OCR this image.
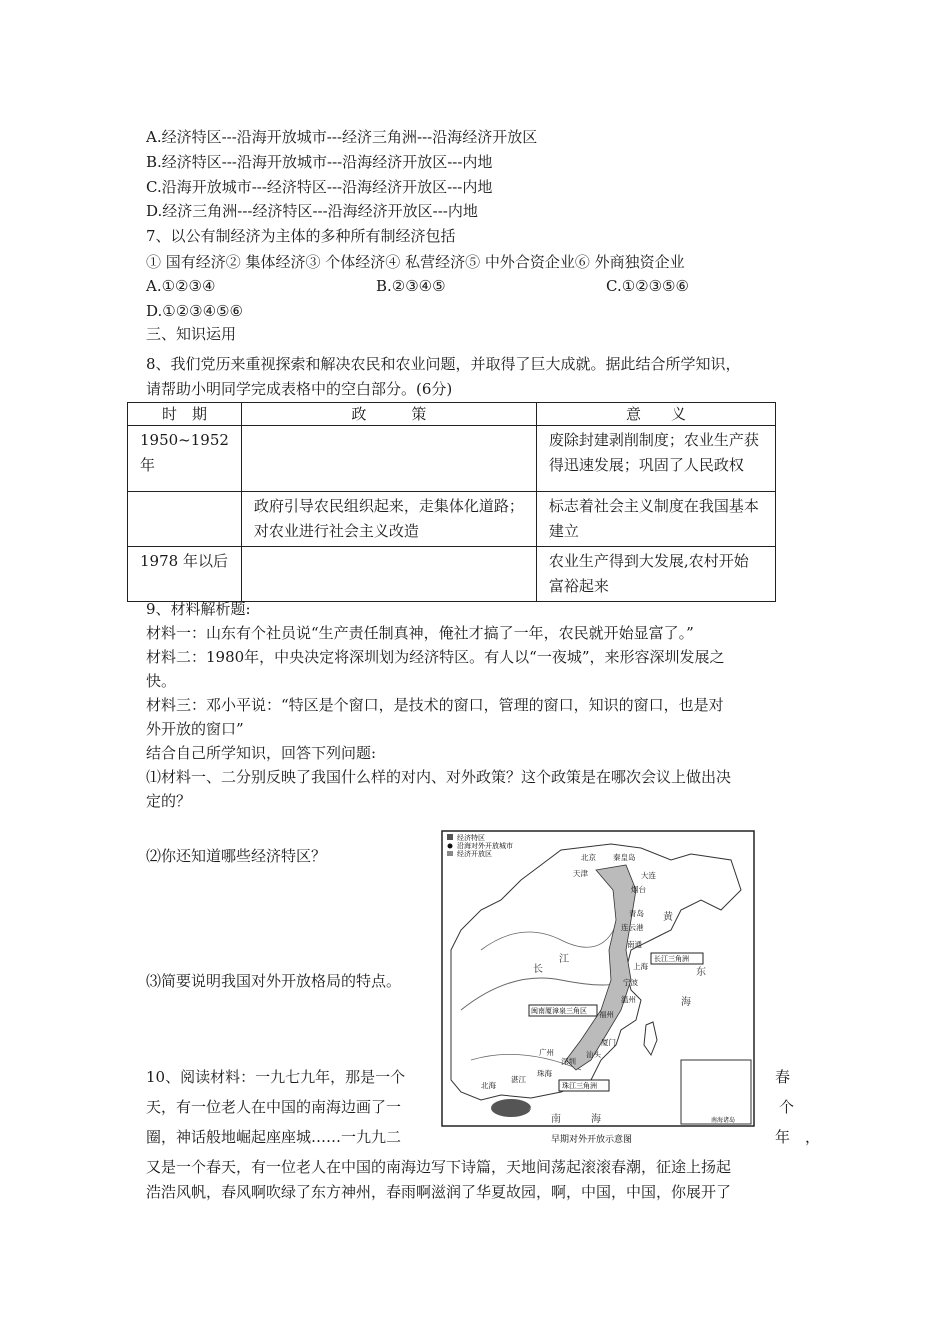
A.经济特区---沿海开放城市---经济三角洲---沿海经济开放区
B.经济特区---沿海开放城市---沿海经济开放区---内地
C.沿海开放城市---经济特区---沿海经济开放区---内地
D.经济三角洲---经济特区---沿海经济开放区---内地
7、以公有制经济为主体的多种所有制经济包括
① 国有经济② 集体经济③ 个体经济④ 私营经济⑤ 中外合资企业⑥ 外商独资企业
A.①②③④	B.②③④⑤	C.①②③⑤⑥
D.①②③④⑤⑥
三、知识运用
8、我们党历来重视探索和解决农民和农业问题，并取得了巨大成就。据此结合所学知识，
请帮助小明同学完成表格中的空白部分。(6分)
时　期	政　　　策	意　　义
1950~1952年		废除封建剥削制度；农业生产获得迅速发展；巩固了人民政权
	政府引导农民组织起来，走集体化道路；对农业进行社会主义改造	标志着社会主义制度在我国基本建立
1978 年以后		农业生产得到大发展,农村开始富裕起来
9、材料解析题:
材料一：山东有个社员说“生产责任制真神，俺社才搞了一年，农民就开始显富了。”
材料二：1980年，中央决定将深圳划为经济特区。有人以“一夜城”，来形容深圳发展之
快。
材料三：邓小平说：“特区是个窗口，是技术的窗口，管理的窗口，知识的窗口，也是对
外开放的窗口”
结合自己所学知识，回答下列问题:
⑴材料一、二分别反映了我国什么样的对内、对外政策？这个政策是在哪次会议上做出决
定的？
⑵你还知道哪些经济特区？
⑶简要说明我国对外开放格局的特点。
经济特区
沿海对外开放城市
经济开放区
南海诸岛
北京 秦皇岛
天津	大连
烟台
青岛
连云港
南通
上海
宁波
温州
福州
厦门
汕头
广州
深圳
珠海
湛江
北海
海南岛
长江三角洲
闽南厦漳泉三角区
珠江三角洲
黄
长
江
东
海
南	海
早期对外开放示意图
10、阅读材料：一九七九年，那是一个	春
天，有一位老人在中国的南海边画了一	个
圈，神话般地崛起座座城……一九九二	年　，
又是一个春天，有一位老人在中国的南海边写下诗篇，天地间荡起滚滚春潮，征途上扬起
浩浩风帆，春风啊吹绿了东方神州，春雨啊滋润了华夏故园，啊，中国，中国，你展开了
